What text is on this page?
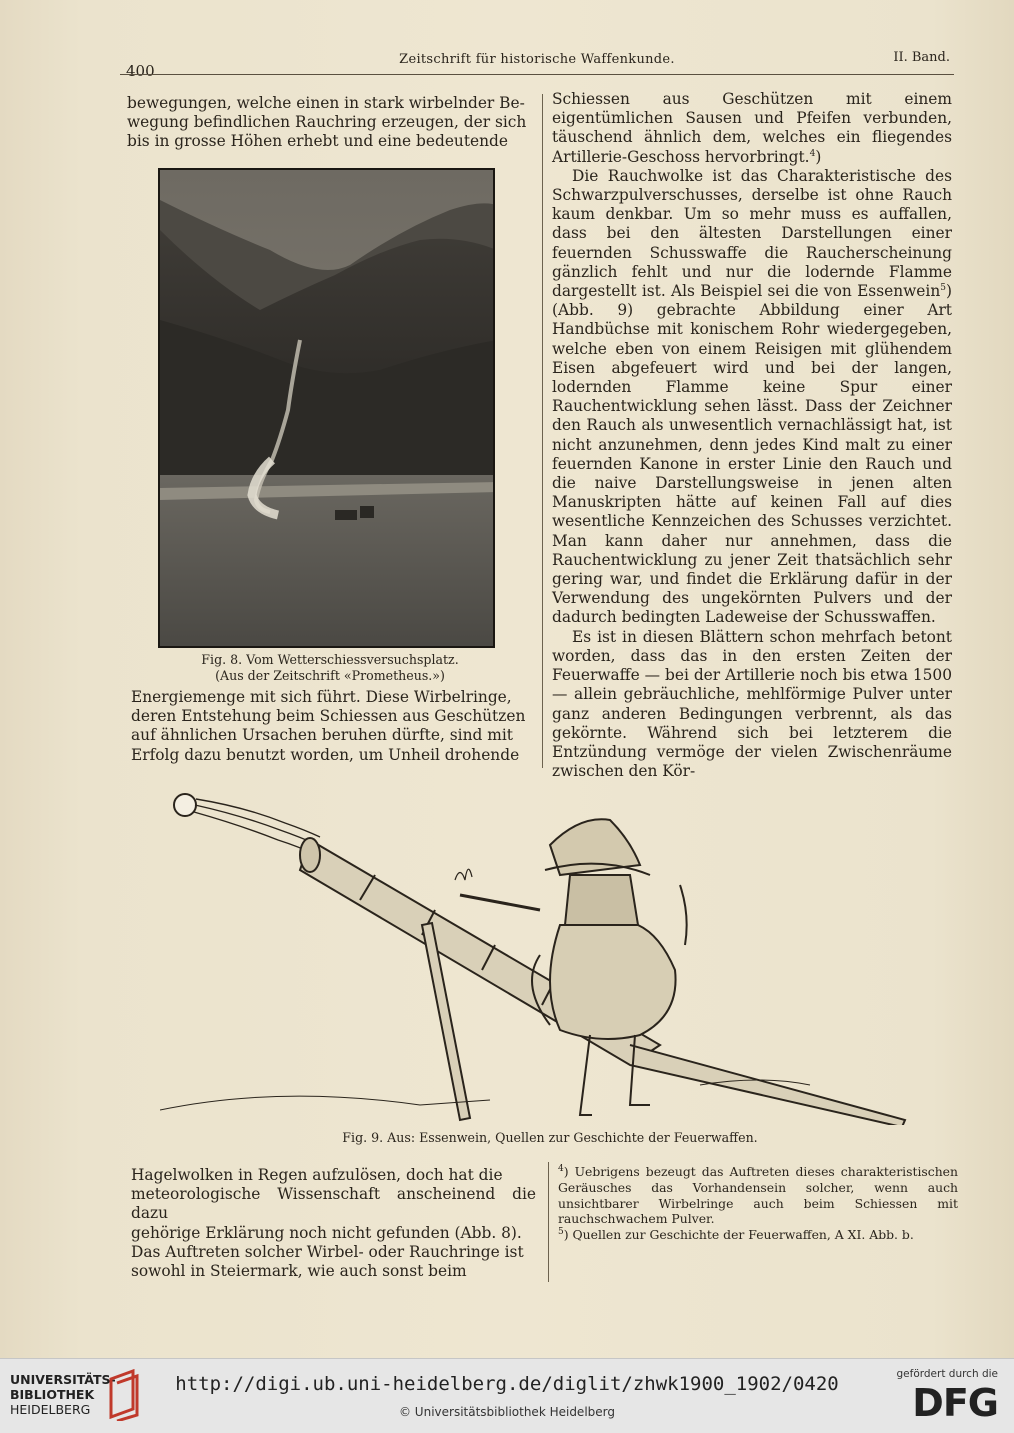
400
Zeitschrift für historische Waffenkunde.	II. Band.
bewegungen, welche einen in stark wirbelnder Be-
wegung befindlichen Rauchring erzeugen, der sich
bis in grosse Höhen erhebt und eine bedeutende
Fig. 8. Vom Wetterschiessversuchsplatz.
(Aus der Zeitschrift «Prometheus.»)
Energiemenge mit sich führt. Diese Wirbelringe,
deren Entstehung beim Schiessen aus Geschützen
auf ähnlichen Ursachen beruhen dürfte, sind mit
Erfolg dazu benutzt worden, um Unheil drohende

Schiessen aus Geschützen mit einem eigentümlichen Sausen und Pfeifen verbunden, täuschend ähnlich dem, welches ein fliegendes Artillerie-Geschoss hervorbringt.$^4$)

Die Rauchwolke ist das Charakteristische des Schwarzpulverschusses, derselbe ist ohne Rauch kaum denkbar. Um so mehr muss es auffallen, dass bei den ältesten Darstellungen einer feuernden Schusswaffe die Raucherscheinung gänzlich fehlt und nur die lodernde Flamme dargestellt ist. Als Beispiel sei die von Essenwein$^5$) (Abb. 9) gebrachte Abbildung einer Art Handbüchse mit konischem Rohr wiedergegeben, welche eben von einem Reisigen mit glühendem Eisen abgefeuert wird und bei der langen, lodernden Flamme keine Spur einer Rauchentwicklung sehen lässt. Dass der Zeichner den Rauch als unwesentlich vernachlässigt hat, ist nicht anzunehmen, denn jedes Kind malt zu einer feuernden Kanone in erster Linie den Rauch und die naive Darstellungsweise in jenen alten Manuskripten hätte auf keinen Fall auf dies wesentliche Kennzeichen des Schusses verzichtet. Man kann daher nur annehmen, dass die Rauchentwicklung zu jener Zeit thatsächlich sehr gering war, und findet die Erklärung dafür in der Verwendung des ungekörnten Pulvers und der dadurch bedingten Ladeweise der Schusswaffen.

Es ist in diesen Blättern schon mehrfach betont worden, dass das in den ersten Zeiten der Feuerwaffe — bei der Artillerie noch bis etwa 1500 — allein gebräuchliche, mehlförmige Pulver unter ganz anderen Bedingungen verbrennt, als das gekörnte. Während sich bei letzterem die Entzündung vermöge der vielen Zwischenräume zwischen den Kör-

Fig. 9. Aus: Essenwein, Quellen zur Geschichte der Feuerwaffen.
Hagelwolken in Regen aufzulösen, doch hat die
meteorologische Wissenschaft anscheinend die dazu
gehörige Erklärung noch nicht gefunden (Abb. 8).
Das Auftreten solcher Wirbel- oder Rauchringe ist
sowohl in Steiermark, wie auch sonst beim

$^4$) Uebrigens bezeugt das Auftreten dieses charakteristischen Geräusches das Vorhandensein solcher, wenn auch unsichtbarer Wirbelringe auch beim Schiessen mit rauchschwachem Pulver.

$^5$) Quellen zur Geschichte der Feuerwaffen, A XI. Abb. b.

UNIVERSITÄTS-
BIBLIOTHEK
HEIDELBERG
http://digi.ub.uni-heidelberg.de/diglit/zhwk1900_1902/0420
© Universitätsbibliothek Heidelberg
gefördert durch die
DFG
